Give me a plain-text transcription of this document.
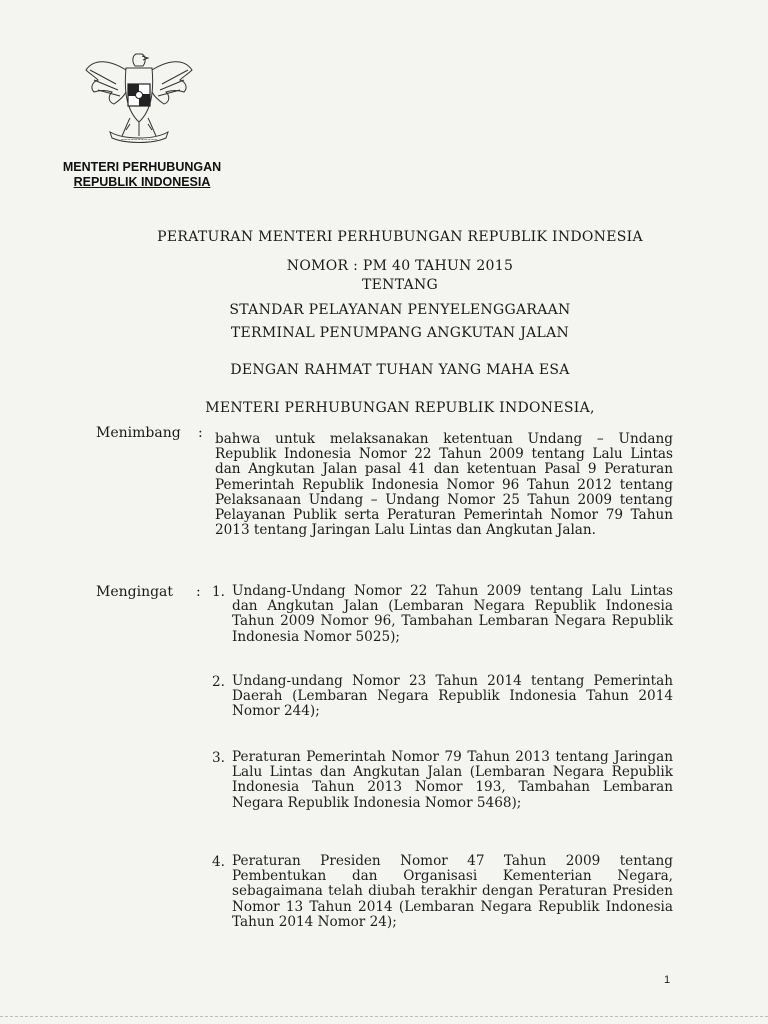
~~~~~~~~~~~
MENTERI PERHUBUNGAN
REPUBLIK INDONESIA
PERATURAN MENTERI PERHUBUNGAN REPUBLIK INDONESIA
NOMOR : PM 40 TAHUN 2015
TENTANG
STANDAR PELAYANAN PENYELENGGARAAN
TERMINAL PENUMPANG ANGKUTAN JALAN
DENGAN RAHMAT TUHAN YANG MAHA ESA
MENTERI PERHUBUNGAN REPUBLIK INDONESIA,
Menimbang : bahwa untuk melaksanakan ketentuan Undang – Undang Republik Indonesia Nomor 22 Tahun 2009 tentang Lalu Lintas dan Angkutan Jalan pasal 41 dan ketentuan Pasal 9 Peraturan Pemerintah Republik Indonesia Nomor 96 Tahun 2012 tentang Pelaksanaan Undang – Undang Nomor 25 Tahun 2009 tentang Pelayanan Publik serta Peraturan Pemerintah Nomor 79 Tahun 2013 tentang Jaringan Lalu Lintas dan Angkutan Jalan.
Mengingat : 1. Undang-Undang Nomor 22 Tahun 2009 tentang Lalu Lintas dan Angkutan Jalan (Lembaran Negara Republik Indonesia Tahun 2009 Nomor 96, Tambahan Lembaran Negara Republik Indonesia Nomor 5025);
2. Undang-undang Nomor 23 Tahun 2014 tentang Pemerintah Daerah (Lembaran Negara Republik Indonesia Tahun 2014 Nomor 244);
3. Peraturan Pemerintah Nomor 79 Tahun 2013 tentang Jaringan Lalu Lintas dan Angkutan Jalan (Lembaran Negara Republik Indonesia Tahun 2013 Nomor 193, Tambahan Lembaran Negara Republik Indonesia Nomor 5468);
4. Peraturan Presiden Nomor 47 Tahun 2009 tentang Pembentukan dan Organisasi Kementerian Negara, sebagaimana telah diubah terakhir dengan Peraturan Presiden Nomor 13 Tahun 2014 (Lembaran Negara Republik Indonesia Tahun 2014 Nomor 24);
1
